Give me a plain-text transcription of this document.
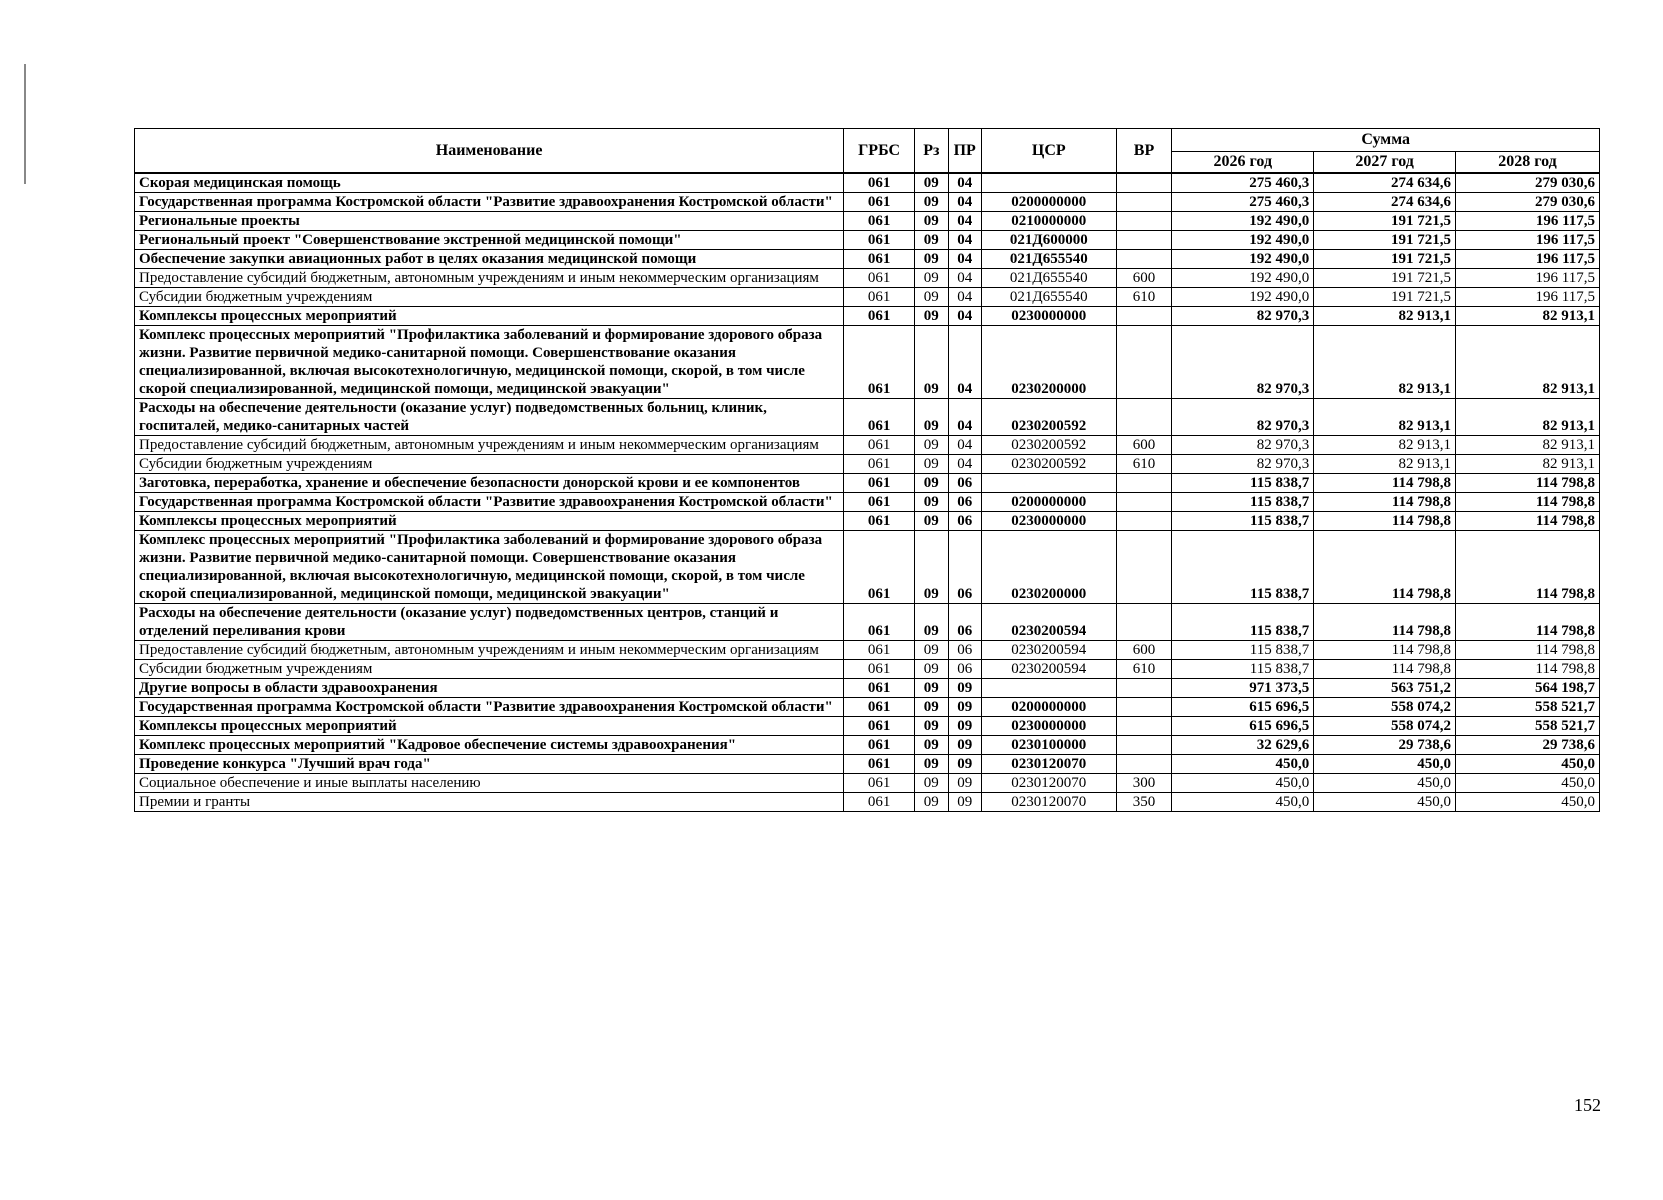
Наименование	ГРБС	Рз	ПР	ЦСР	ВР	Сумма		
						2026 год	2027 год	2028 год
Скорая медицинская помощь	061	09	04			275 460,3	274 634,6	279 030,6
Государственная программа Костромской области "Развитие здравоохранения Костромской области"	061	09	04	0200000000		275 460,3	274 634,6	279 030,6
Региональные проекты	061	09	04	0210000000		192 490,0	191 721,5	196 117,5
Региональный проект "Совершенствование экстренной медицинской помощи"	061	09	04	021Д600000		192 490,0	191 721,5	196 117,5
Обеспечение закупки авиационных работ в целях оказания медицинской помощи	061	09	04	021Д655540		192 490,0	191 721,5	196 117,5
Предоставление субсидий бюджетным, автономным учреждениям и иным некоммерческим организациям	061	09	04	021Д655540	600	192 490,0	191 721,5	196 117,5
Субсидии бюджетным учреждениям	061	09	04	021Д655540	610	192 490,0	191 721,5	196 117,5
Комплексы процессных мероприятий	061	09	04	0230000000		82 970,3	82 913,1	82 913,1
Комплекс процессных мероприятий "Профилактика заболеваний и формирование здорового образа жизни. Развитие первичной медико-санитарной помощи. Совершенствование оказания специализированной, включая высокотехнологичную, медицинской помощи, скорой, в том числе скорой специализированной, медицинской помощи, медицинской эвакуации"	061	09	04	0230200000		82 970,3	82 913,1	82 913,1
Расходы на обеспечение деятельности (оказание услуг) подведомственных больниц, клиник, госпиталей, медико-санитарных частей	061	09	04	0230200592		82 970,3	82 913,1	82 913,1
Предоставление субсидий бюджетным, автономным учреждениям и иным некоммерческим организациям	061	09	04	0230200592	600	82 970,3	82 913,1	82 913,1
Субсидии бюджетным учреждениям	061	09	04	0230200592	610	82 970,3	82 913,1	82 913,1
Заготовка, переработка, хранение и обеспечение безопасности донорской крови и ее компонентов	061	09	06			115 838,7	114 798,8	114 798,8
Государственная программа Костромской области "Развитие здравоохранения Костромской области"	061	09	06	0200000000		115 838,7	114 798,8	114 798,8
Комплексы процессных мероприятий	061	09	06	0230000000		115 838,7	114 798,8	114 798,8
Комплекс процессных мероприятий "Профилактика заболеваний и формирование здорового образа жизни. Развитие первичной медико-санитарной помощи. Совершенствование оказания специализированной, включая высокотехнологичную, медицинской помощи, скорой, в том числе скорой специализированной, медицинской помощи, медицинской эвакуации"	061	09	06	0230200000		115 838,7	114 798,8	114 798,8
Расходы на обеспечение деятельности (оказание услуг) подведомственных центров, станций и отделений переливания крови	061	09	06	0230200594		115 838,7	114 798,8	114 798,8
Предоставление субсидий бюджетным, автономным учреждениям и иным некоммерческим организациям	061	09	06	0230200594	600	115 838,7	114 798,8	114 798,8
Субсидии бюджетным учреждениям	061	09	06	0230200594	610	115 838,7	114 798,8	114 798,8
Другие вопросы в области здравоохранения	061	09	09			971 373,5	563 751,2	564 198,7
Государственная программа Костромской области "Развитие здравоохранения Костромской области"	061	09	09	0200000000		615 696,5	558 074,2	558 521,7
Комплексы процессных мероприятий	061	09	09	0230000000		615 696,5	558 074,2	558 521,7
Комплекс процессных мероприятий "Кадровое обеспечение системы здравоохранения"	061	09	09	0230100000		32 629,6	29 738,6	29 738,6
Проведение конкурса "Лучший врач года"	061	09	09	0230120070		450,0	450,0	450,0
Социальное обеспечение и иные выплаты населению	061	09	09	0230120070	300	450,0	450,0	450,0
Премии и гранты	061	09	09	0230120070	350	450,0	450,0	450,0
152
